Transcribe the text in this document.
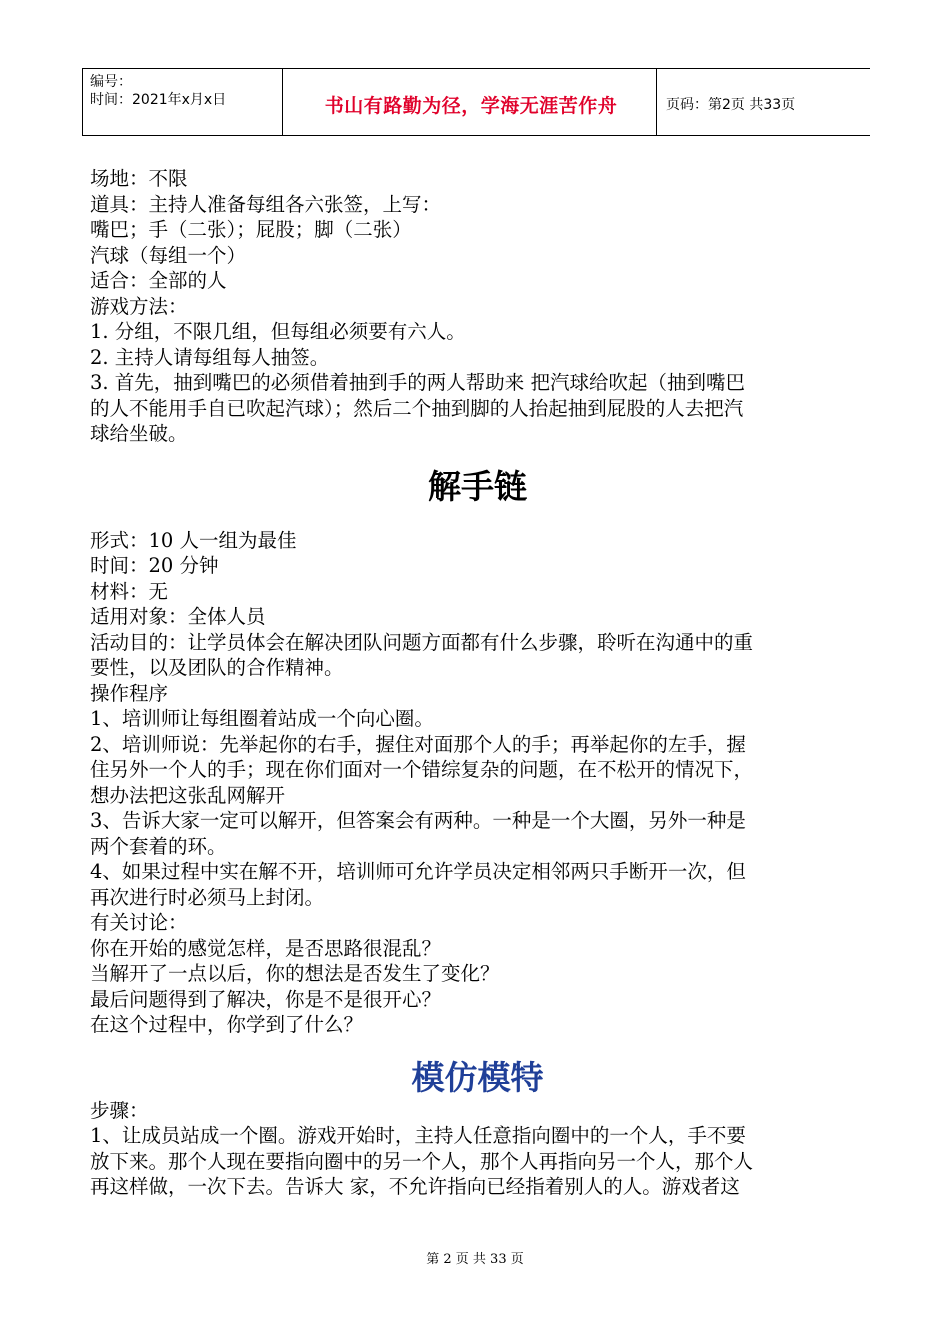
编号：
时间：2021年x月x日	书山有路勤为径，学海无涯苦作舟	页码：第2页 共33页

场地：不限

道具：主持人准备每组各六张签，上写：

嘴巴；手（二张）；屁股；脚（二张）

汽球（每组一个）

适合：全部的人

游戏方法：

1. 分组，不限几组，但每组必须要有六人。

2. 主持人请每组每人抽签。

3. 首先，抽到嘴巴的必须借着抽到手的两人帮助来 把汽球给吹起（抽到嘴巴

的人不能用手自已吹起汽球）；然后二个抽到脚的人抬起抽到屁股的人去把汽

球给坐破。

解手链

形式：10 人一组为最佳

时间：20 分钟

材料：无

适用对象：全体人员

活动目的：让学员体会在解决团队问题方面都有什么步骤，聆听在沟通中的重

要性，以及团队的合作精神。

操作程序

1、培训师让每组圈着站成一个向心圈。

2、培训师说：先举起你的右手，握住对面那个人的手；再举起你的左手，握

住另外一个人的手；现在你们面对一个错综复杂的问题，在不松开的情况下，

想办法把这张乱网解开

3、告诉大家一定可以解开，但答案会有两种。一种是一个大圈，另外一种是

两个套着的环。

4、如果过程中实在解不开，培训师可允许学员决定相邻两只手断开一次，但

再次进行时必须马上封闭。

有关讨论：

你在开始的感觉怎样，是否思路很混乱？

当解开了一点以后，你的想法是否发生了变化？

最后问题得到了解决，你是不是很开心？

在这个过程中，你学到了什么？

模仿模特

步骤：

1、让成员站成一个圈。游戏开始时，主持人任意指向圈中的一个人，手不要

放下来。那个人现在要指向圈中的另一个人，那个人再指向另一个人，那个人

再这样做，一次下去。告诉大 家，不允许指向已经指着别人的人。游戏者这

第 2 页 共 33 页
